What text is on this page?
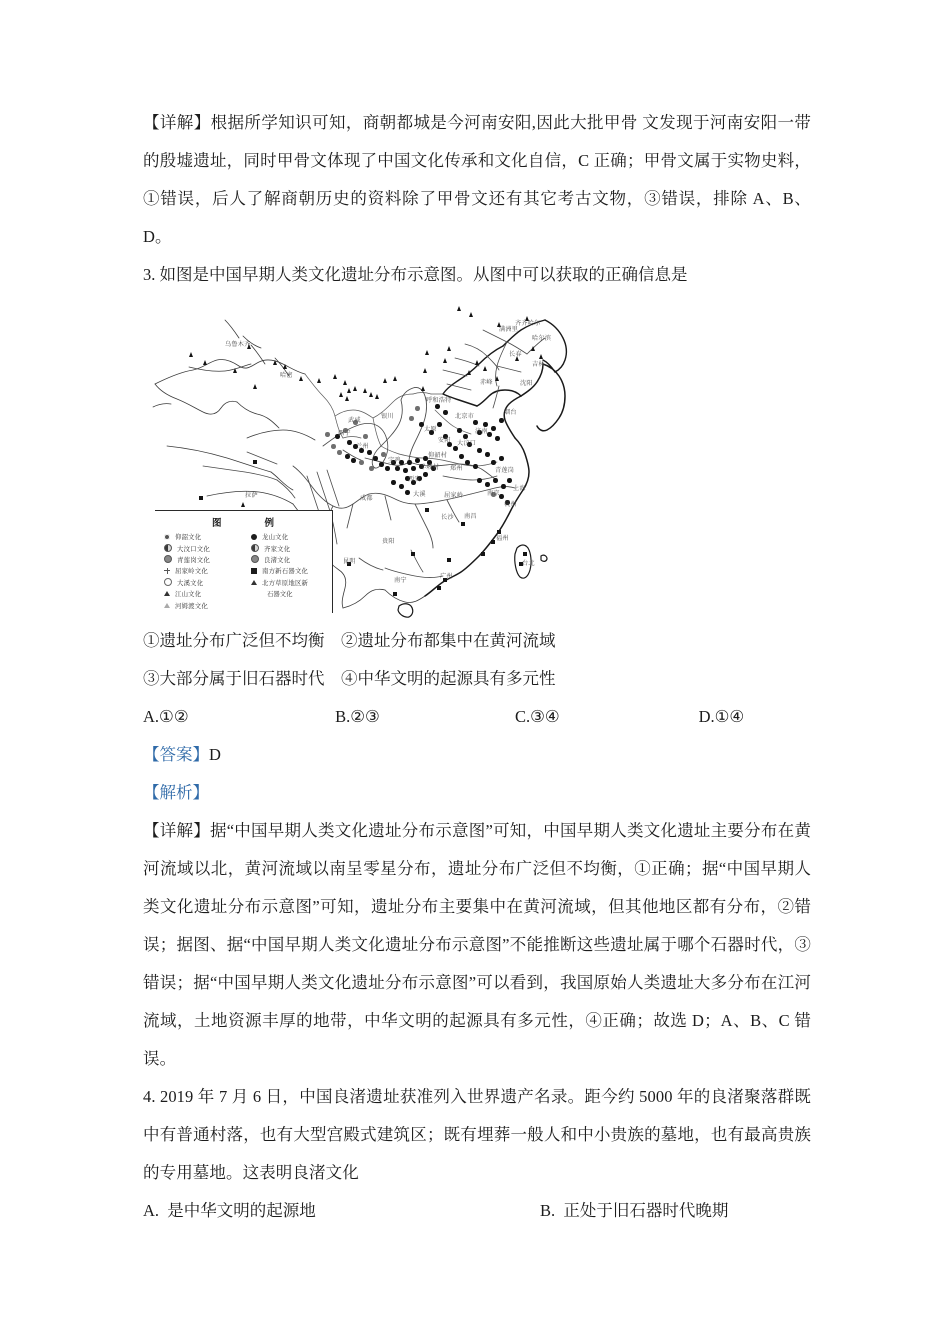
【详解】根据所学知识可知，商朝都城是今河南安阳,因此大批甲骨 文发现于河南安阳一带的殷墟遗址，同时甲骨文体现了中国文化传承和文化自信，C 正确；甲骨文属于实物史料，①错误，后人了解商朝历史的资料除了甲骨文还有其它考古文物，③错误，排除 A、B、D。

3. 如图是中国早期人类文化遗址分布示意图。从图中可以获取的正确信息是
乌鲁木齐
哈密
齐齐哈尔
满洲里
哈尔滨
长春
吉林
沈阳
赤峰
呼和浩特
北京市
银川
武威
西宁
太原	济南
烟台
兰州
安阳 大汶口
宝鸡
仰韶村
半坡村 郑州
西安
青莲岗
成都
大溪	屈家岭	南京
上海
杭州
长沙 南昌
贵阳
昆明
福州
台北
广州
南宁
拉萨
图	例
仰韶文化
大汶口文化
青莲岗文化
屈家岭文化
大溪文化
江山文化
河姆渡文化
龙山文化
齐家文化
良渚文化
南方新石器文化
北方草原地区新
石器文化
①遗址分布广泛但不均衡　②遗址分布都集中在黄河流域
③大部分属于旧石器时代　④中华文明的起源具有多元性
A.①②	B.②③	C.③④	D.①④
【答案】D
【解析】

【详解】据“中国早期人类文化遗址分布示意图”可知，中国早期人类文化遗址主要分布在黄河流域以北，黄河流域以南呈零星分布，遗址分布广泛但不均衡，①正确；据“中国早期人类文化遗址分布示意图”可知，遗址分布主要集中在黄河流域，但其他地区都有分布，②错误；据图、据“中国早期人类文化遗址分布示意图”不能推断这些遗址属于哪个石器时代，③错误；据“中国早期人类文化遗址分布示意图”可以看到，我国原始人类遗址大多分布在江河流域，土地资源丰厚的地带，中华文明的起源具有多元性，④正确；故选 D；A、B、C 错误。

4. 2019 年 7 月 6 日，中国良渚遗址获准列入世界遗产名录。距今约 5000 年的良渚聚落群既中有普通村落，也有大型宫殿式建筑区；既有埋葬一般人和中小贵族的墓地，也有最高贵族的专用墓地。这表明良渚文化

A. 是中华文明的起源地	B. 正处于旧石器时代晚期
